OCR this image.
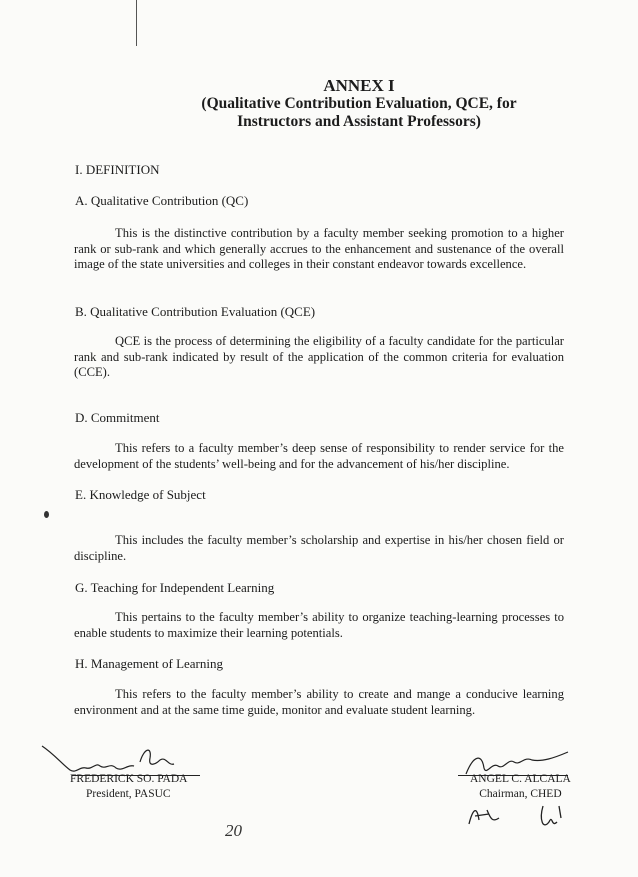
ANNEX I
(Qualitative Contribution Evaluation, QCE, for
Instructors and Assistant Professors)
I. DEFINITION
A. Qualitative Contribution (QC)
This is the distinctive contribution by a faculty member seeking promotion to a higher rank or sub-rank and which generally accrues to the enhancement and sustenance of the overall image of the state universities and colleges in their constant endeavor towards excellence.
B. Qualitative Contribution Evaluation (QCE)
QCE is the process of determining the eligibility of a faculty candidate for the particular rank and sub-rank indicated by result of the application of the common criteria for evaluation (CCE).
D. Commitment
This refers to a faculty member’s deep sense of responsibility to render service for the development of the students’ well-being and for the advancement of his/her discipline.
E. Knowledge of Subject
This includes the faculty member’s scholarship and expertise in his/her chosen field or discipline.
G. Teaching for Independent Learning
This pertains to the faculty member’s ability to organize teaching-learning processes to enable students to maximize their learning potentials.
H. Management of Learning
This refers to the faculty member’s ability to create and mange a conducive learning environment and at the same time guide, monitor and evaluate student learning.
FREDERICK SO. PADA
President, PASUC
ANGEL C. ALCALA
Chairman, CHED
20
